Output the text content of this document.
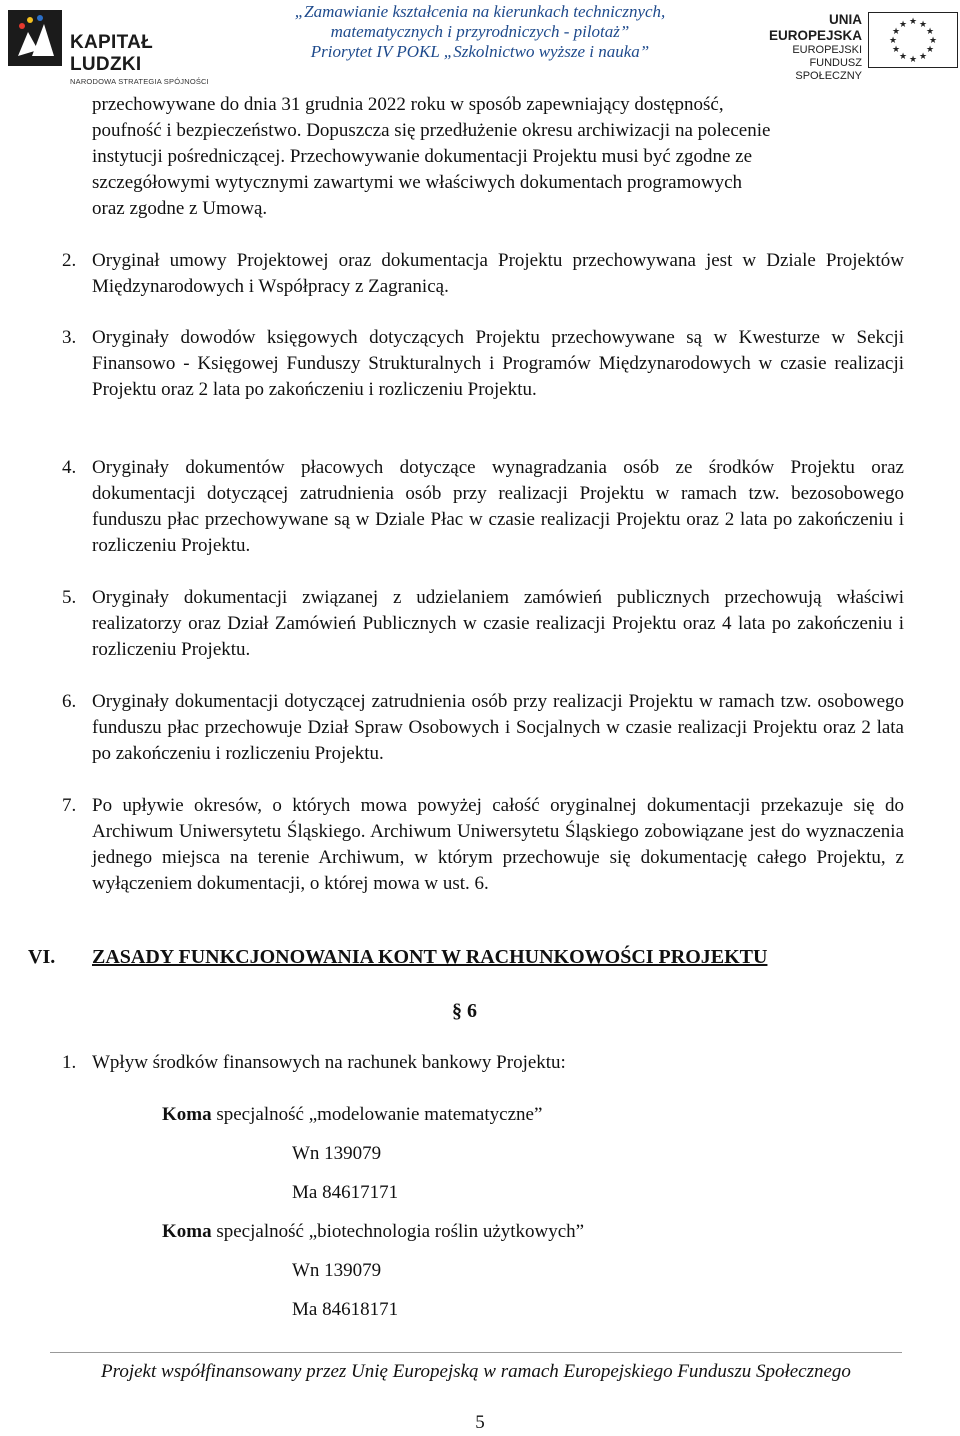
KAPITAŁ LUDZKI
NARODOWA STRATEGIA SPÓJNOŚCI
„Zamawianie kształcenia na kierunkach technicznych,
matematycznych i przyrodniczych - pilotaż”
Priorytet IV POKL „Szkolnictwo wyższe i nauka”
UNIA EUROPEJSKA
EUROPEJSKI
FUNDUSZ SPOŁECZNY
★ ★
★
★
★
★
★
★
★
★
★
★
przechowywane do dnia 31 grudnia 2022 roku w sposób zapewniający dostępność,
poufność i bezpieczeństwo. Dopuszcza się przedłużenie okresu archiwizacji na polecenie
instytucji pośredniczącej. Przechowywanie dokumentacji Projektu musi być zgodne ze
szczegółowymi wytycznymi zawartymi we właściwych dokumentach programowych
oraz zgodne z Umową.
2. Oryginał umowy Projektowej oraz dokumentacja Projektu przechowywana jest w Dziale Projektów Międzynarodowych i Współpracy z Zagranicą.
3. Oryginały dowodów księgowych dotyczących Projektu przechowywane są w Kwesturze w Sekcji Finansowo - Księgowej Funduszy Strukturalnych i Programów Międzynarodowych w czasie realizacji Projektu oraz 2 lata po zakończeniu i rozliczeniu Projektu.
4. Oryginały dokumentów płacowych dotyczące wynagradzania osób ze środków Projektu oraz dokumentacji dotyczącej zatrudnienia osób przy realizacji Projektu w ramach tzw. bezosobowego funduszu płac przechowywane są w Dziale Płac w czasie realizacji Projektu oraz 2 lata po zakończeniu i rozliczeniu Projektu.
5. Oryginały dokumentacji związanej z udzielaniem zamówień publicznych przechowują właściwi realizatorzy oraz Dział Zamówień Publicznych w czasie realizacji Projektu oraz 4 lata po zakończeniu i rozliczeniu Projektu.
6. Oryginały dokumentacji dotyczącej zatrudnienia osób przy realizacji Projektu w ramach tzw. osobowego funduszu płac przechowuje Dział Spraw Osobowych i Socjalnych w czasie realizacji Projektu oraz 2 lata po zakończeniu i rozliczeniu Projektu.
7. Po upływie okresów, o których mowa powyżej całość oryginalnej dokumentacji przekazuje się do Archiwum Uniwersytetu Śląskiego. Archiwum Uniwersytetu Śląskiego zobowiązane jest do wyznaczenia jednego miejsca na terenie Archiwum, w którym przechowuje się dokumentację całego Projektu, z wyłączeniem dokumentacji, o której mowa w ust. 6.
VI. ZASADY FUNKCJONOWANIA KONT W RACHUNKOWOŚCI PROJEKTU
§ 6
1. Wpływ środków finansowych na rachunek bankowy Projektu:
Koma specjalność „modelowanie matematyczne”
Wn 139079
Ma 84617171
Koma specjalność „biotechnologia roślin użytkowych”
Wn 139079
Ma 84618171
Projekt współfinansowany przez Unię Europejską w ramach Europejskiego Funduszu Społecznego
5
